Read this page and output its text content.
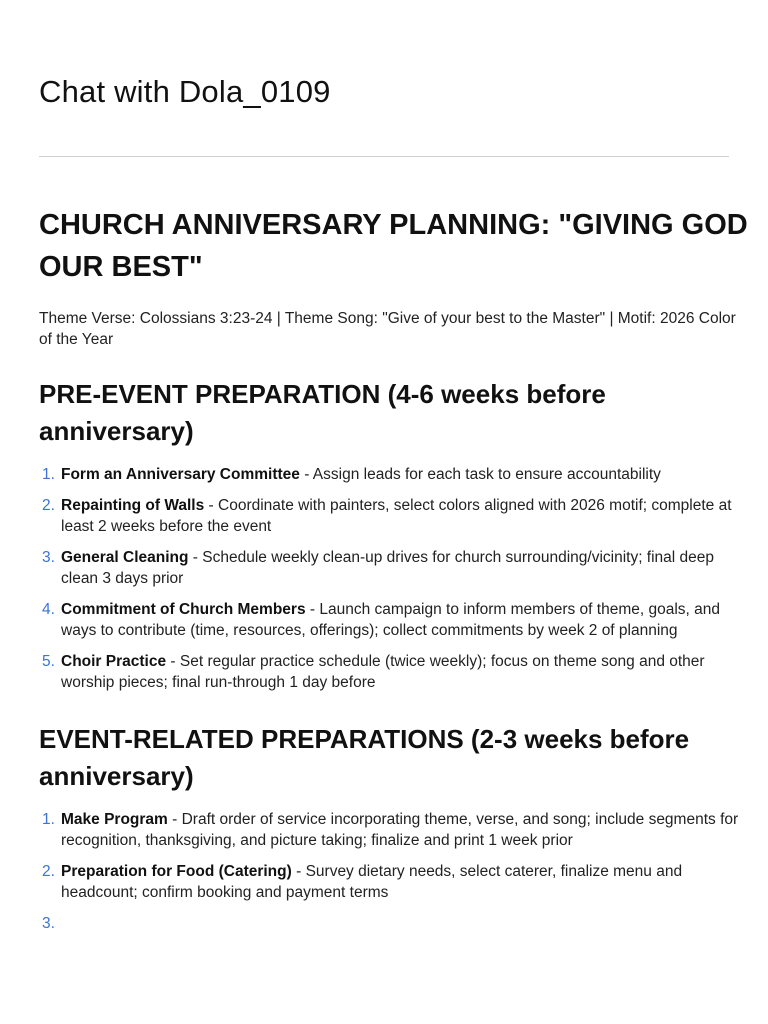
Chat with Dola_0109
CHURCH ANNIVERSARY PLANNING: "GIVING GOD OUR BEST"

Theme Verse: Colossians 3:23-24 | Theme Song: "Give of your best to the Master" | Motif: 2026 Color of the Year

PRE-EVENT PREPARATION (4-6 weeks before anniversary)
1. Form an Anniversary Committee - Assign leads for each task to ensure accountability
2. Repainting of Walls - Coordinate with painters, select colors aligned with 2026 motif; complete at least 2 weeks before the event
3. General Cleaning - Schedule weekly clean-up drives for church surrounding/vicinity; final deep clean 3 days prior
4. Commitment of Church Members - Launch campaign to inform members of theme, goals, and ways to contribute (time, resources, offerings); collect commitments by week 2 of planning
5. Choir Practice - Set regular practice schedule (twice weekly); focus on theme song and other worship pieces; final run-through 1 day before
EVENT-RELATED PREPARATIONS (2-3 weeks before anniversary)
1. Make Program - Draft order of service incorporating theme, verse, and song; include segments for recognition, thanksgiving, and picture taking; finalize and print 1 week prior
2. Preparation for Food (Catering) - Survey dietary needs, select caterer, finalize menu and headcount; confirm booking and payment terms
3.
